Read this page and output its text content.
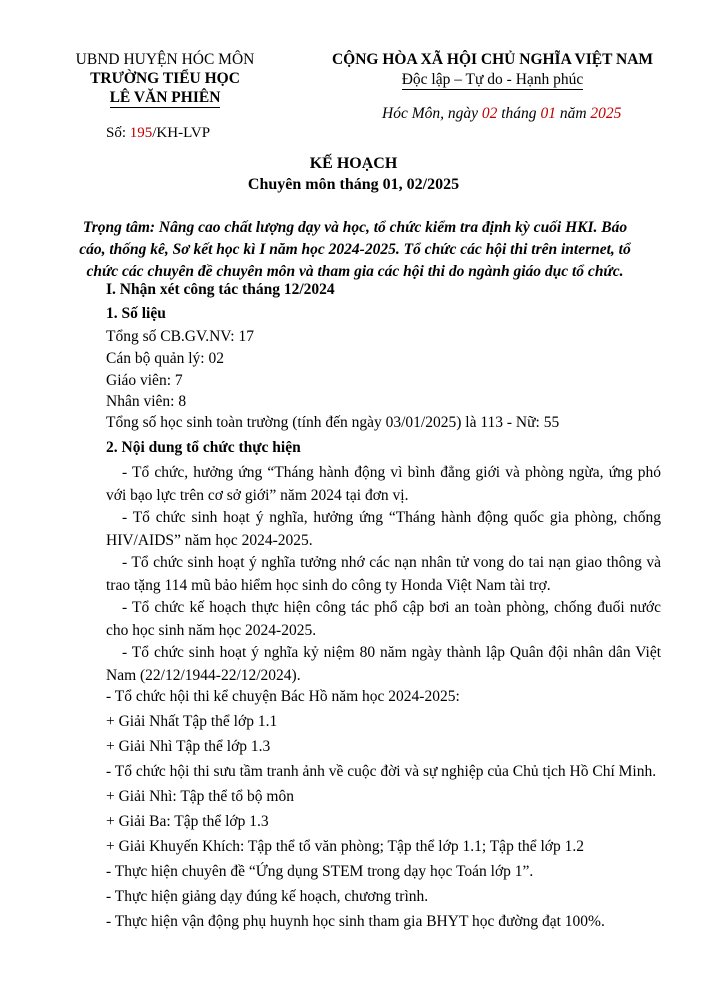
UBND HUYỆN HÓC MÔN
TRƯỜNG TIỂU HỌC
LÊ VĂN PHIÊN
Số: 195/KH-LVP
CỘNG HÒA XÃ HỘI CHỦ NGHĨA VIỆT NAM
Độc lập – Tự do - Hạnh phúc
Hóc Môn, ngày 02 tháng 01 năm 2025
KẾ HOẠCH
Chuyên môn tháng 01, 02/2025
Trọng tâm: Nâng cao chất lượng dạy và học, tổ chức kiểm tra định kỳ cuối HKI. Báo cáo, thống kê, Sơ kết học kì I năm học 2024-2025. Tổ chức các hội thi trên internet, tổ chức các chuyên đề chuyên môn và tham gia các hội thi do ngành giáo dục tổ chức.
I. Nhận xét công tác tháng 12/2024
1. Số liệu
Tổng số CB.GV.NV: 17
Cán bộ quản lý: 02
Giáo viên: 7
Nhân viên: 8
Tổng số học sinh toàn trường (tính đến ngày 03/01/2025) là 113 - Nữ: 55
2. Nội dung tổ chức thực hiện
- Tổ chức, hưởng ứng “Tháng hành động vì bình đẳng giới và phòng ngừa, ứng phó với bạo lực trên cơ sở giới” năm 2024 tại đơn vị.
- Tổ chức sinh hoạt ý nghĩa, hưởng ứng “Tháng hành động quốc gia phòng, chống HIV/AIDS” năm học 2024-2025.
- Tổ chức sinh hoạt ý nghĩa tưởng nhớ các nạn nhân tử vong do tai nạn giao thông và trao tặng 114 mũ bảo hiểm học sinh do công ty Honda Việt Nam tài trợ.
- Tổ chức kế hoạch thực hiện công tác phổ cập bơi an toàn phòng, chống đuối nước cho học sinh năm học 2024-2025.
- Tổ chức sinh hoạt ý nghĩa kỷ niệm 80 năm ngày thành lập Quân đội nhân dân Việt Nam (22/12/1944-22/12/2024).
- Tổ chức hội thi kể chuyện Bác Hồ năm học 2024-2025:
+ Giải Nhất Tập thể lớp 1.1
+ Giải Nhì Tập thể lớp 1.3
- Tổ chức hội thi sưu tầm tranh ảnh về cuộc đời và sự nghiệp của Chủ tịch Hồ Chí Minh.
+ Giải Nhì: Tập thể tổ bộ môn
+ Giải Ba: Tập thể lớp 1.3
+ Giải Khuyến Khích: Tập thể tổ văn phòng; Tập thể lớp 1.1; Tập thể lớp 1.2
- Thực hiện chuyên đề “Ứng dụng STEM trong dạy học Toán lớp 1”.
- Thực hiện giảng dạy đúng kế hoạch, chương trình.
- Thực hiện vận động phụ huynh học sinh tham gia BHYT học đường đạt 100%.
